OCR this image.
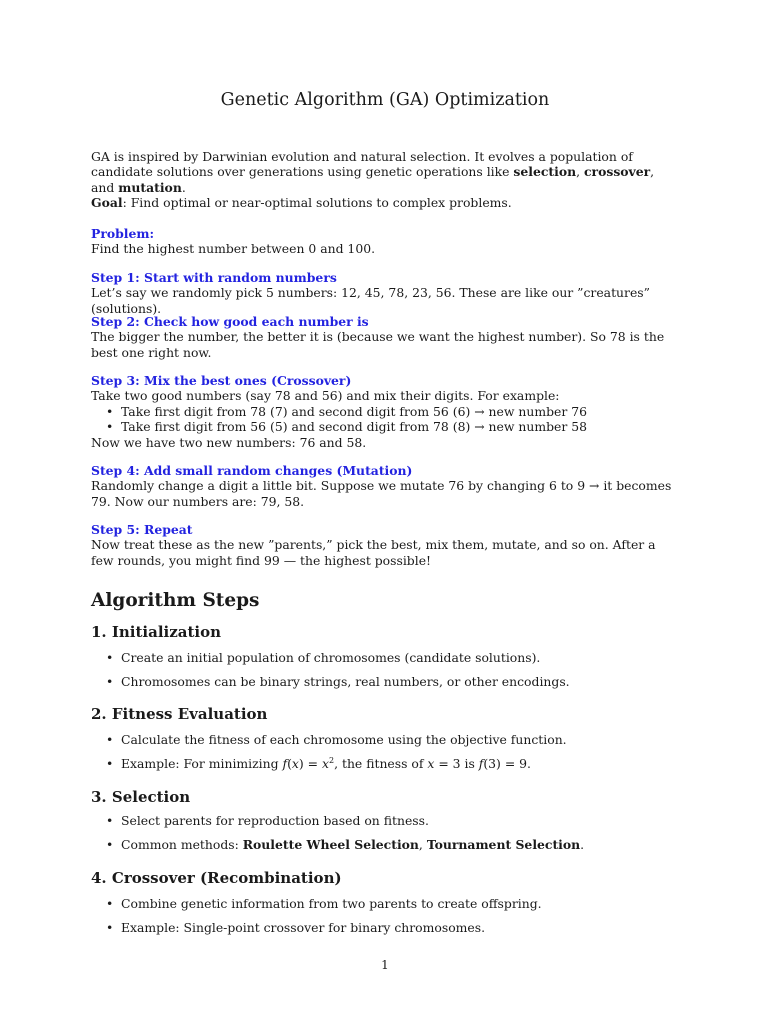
Genetic Algorithm (GA) Optimization

GA is inspired by Darwinian evolution and natural selection. It evolves a population of candidate solutions over generations using genetic operations like selection, crossover, and mutation.

Goal: Find optimal or near-optimal solutions to complex problems.

Problem:

Find the highest number between 0 and 100.

Step 1: Start with random numbers

Let’s say we randomly pick 5 numbers: 12, 45, 78, 23, 56. These are like our ”creatures” (solutions).

Step 2: Check how good each number is

The bigger the number, the better it is (because we want the highest number). So 78 is the best one right now.

Step 3: Mix the best ones (Crossover)

Take two good numbers (say 78 and 56) and mix their digits. For example:

• Take first digit from 78 (7) and second digit from 56 (6) → new number 76
• Take first digit from 56 (5) and second digit from 78 (8) → new number 58

Now we have two new numbers: 76 and 58.

Step 4: Add small random changes (Mutation)

Randomly change a digit a little bit. Suppose we mutate 76 by changing 6 to 9 → it becomes 79. Now our numbers are: 79, 58.

Step 5: Repeat

Now treat these as the new ”parents,” pick the best, mix them, mutate, and so on. After a few rounds, you might find 99 — the highest possible!

Algorithm Steps
1. Initialization
• Create an initial population of chromosomes (candidate solutions).
• Chromosomes can be binary strings, real numbers, or other encodings.
2. Fitness Evaluation
• Calculate the fitness of each chromosome using the objective function.
• Example: For minimizing $f(x) = x^2$, the fitness of x = 3 is f(3) = 9.
3. Selection
• Select parents for reproduction based on fitness.
• Common methods: Roulette Wheel Selection, Tournament Selection.
4. Crossover (Recombination)
• Combine genetic information from two parents to create offspring.
• Example: Single-point crossover for binary chromosomes.
1
